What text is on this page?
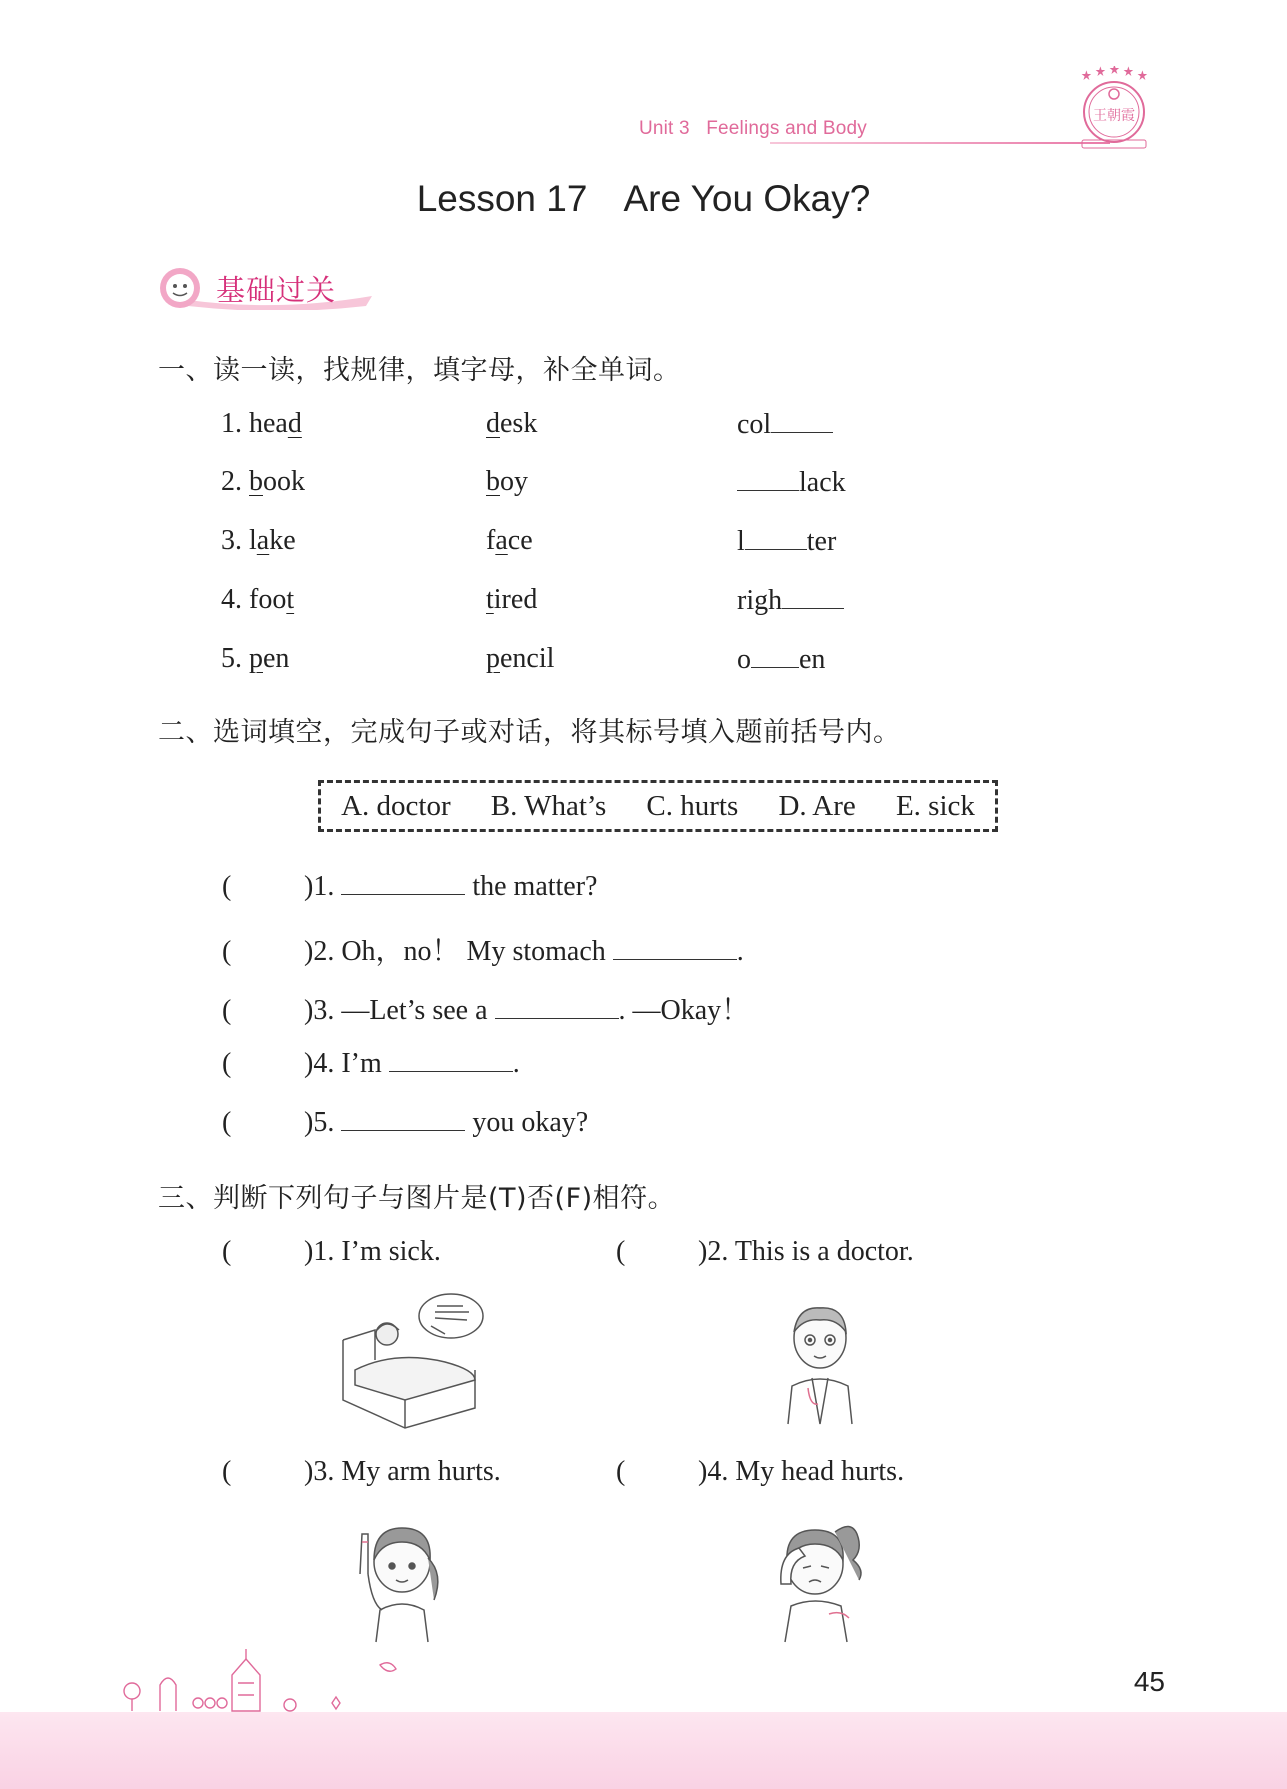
Unit 3 Feelings and Body
王朝霞
Lesson 17 Are You Okay?
基础过关
一、读一读，找规律，填字母，补全单词。
1. head	desk	col
2. book	boy	lack
3. lake	face	l ter
4. foot	tired	righ
5. pen	pencil	o en
二、选词填空，完成句子或对话，将其标号填入题前括号内。
A. doctor B. What’s C. hurts D. Are E. sick
(	)1.	the matter?
(	)2. Oh，no！ My stomach	.
(	)3. —Let’s see a	. —Okay！
(	)4. I’m	.
(	)5.	you okay?
三、判断下列句子与图片是(T)否(F)相符。
(	)1. I’m sick.	(	)2. This is a doctor.
(	)3. My arm hurts.	(	)4. My head hurts.
45
